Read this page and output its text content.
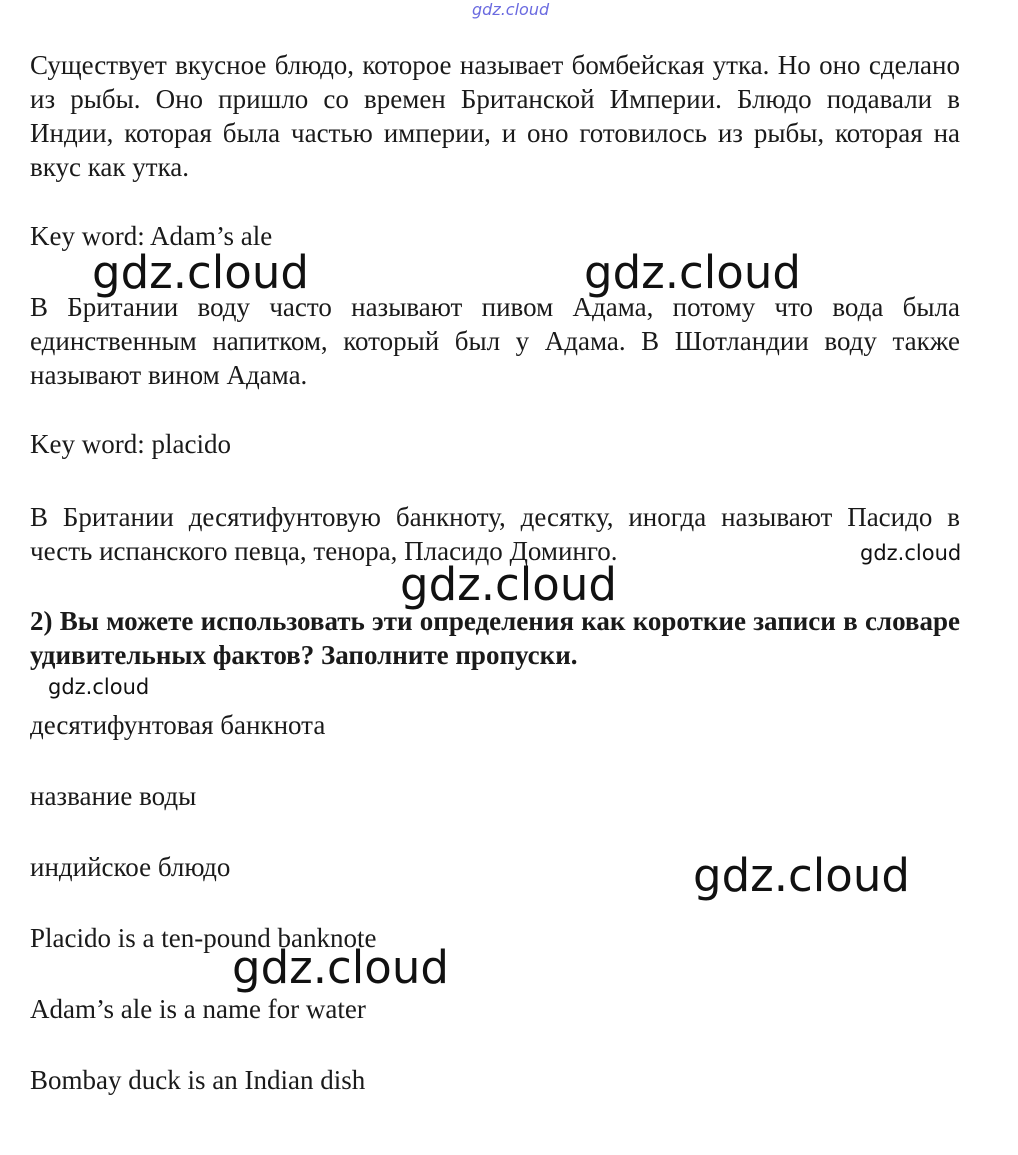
gdz.cloud

Существует вкусное блюдо, которое называет бомбейская утка. Но оно сделано из рыбы. Оно пришло со времен Британской Империи. Блюдо подавали в Индии, которая была частью империи, и оно готовилось из рыбы, которая на вкус как утка.

Key word: Adam’s ale

gdz.cloud	gdz.cloud

В Британии воду часто называют пивом Адама, потому что вода была единственным напитком, который был у Адама. В Шотландии воду также называют вином Адама.

Key word: placido

В Британии десятифунтовую банкноту, десятку, иногда называют Пасидо в честь испанского певца, тенора, Пласидо Доминго.	gdz.cloud
gdz.cloud

2) Вы можете использовать эти определения как короткие записи в словаре удивительных фактов? Заполните пропуски.

gdz.cloud

десятифунтовая банкнота

название воды

индийское блюдо	gdz.cloud

Placido is a ten-pound banknote

gdz.cloud

Adam’s ale is a name for water

Bombay duck is an Indian dish
